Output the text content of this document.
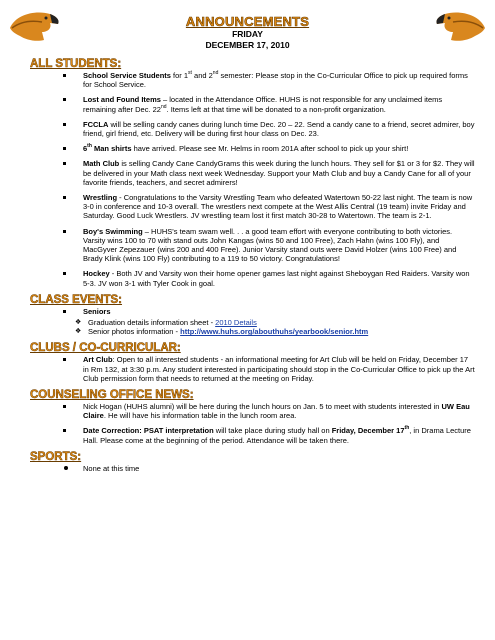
ANNOUNCEMENTS
FRIDAY
DECEMBER 17, 2010
ALL STUDENTS:
School Service Students for 1st and 2nd semester: Please stop in the Co-Curricular Office to pick up required forms for School Service.
Lost and Found Items – located in the Attendance Office. HUHS is not responsible for any unclaimed items remaining after Dec. 22nd. Items left at that time will be donated to a non-profit organization.
FCCLA will be selling candy canes during lunch time Dec. 20 – 22. Send a candy cane to a friend, secret admirer, boy friend, girl friend, etc. Delivery will be during first hour class on Dec. 23.
6th Man shirts have arrived. Please see Mr. Helms in room 201A after school to pick up your shirt!
Math Club is selling Candy Cane CandyGrams this week during the lunch hours. They sell for $1 or 3 for $2. They will be delivered in your Math class next week Wednesday. Support your Math Club and buy a Candy Cane for all of your favorite friends, teachers, and secret admirers!
Wrestling - Congratulations to the Varsity Wrestling Team who defeated Watertown 50-22 last night. The team is now 3-0 in conference and 10-3 overall. The wrestlers next compete at the West Allis Central (19 team) invite Friday and Saturday. Good Luck Wrestlers. JV wrestling team lost it first match 30-28 to Watertown. The team is 2-1.
Boy's Swimming – HUHS's team swam well. . . a good team effort with everyone contributing to both victories. Varsity wins 100 to 70 with stand outs John Kangas (wins 50 and 100 Free), Zach Hahn (wins 100 Fly), and MacGyver Zepezauer (wins 200 and 400 Free). Junior Varsity stand outs were David Holzer (wins 100 Free) and Brady Klink (wins 100 Fly) contributing to a 119 to 50 victory. Congratulations!
Hockey - Both JV and Varsity won their home opener games last night against Sheboygan Red Raiders. Varsity won 5-3. JV won 3-1 with Tyler Cook in goal.
CLASS EVENTS:
Seniors
❖ Graduation details information sheet - 2010 Details
❖ Senior photos information - http://www.huhs.org/abouthuhs/yearbook/senior.htm
CLUBS / CO-CURRICULAR:
Art Club: Open to all interested students - an informational meeting for Art Club will be held on Friday, December 17 in Rm 132, at 3:30 p.m. Any student interested in participating should stop in the Co-Curricular Office to pick up the Art Club permission form that needs to returned at the meeting on Friday.
COUNSELING OFFICE NEWS:
Nick Hogan (HUHS alumni) will be here during the lunch hours on Jan. 5 to meet with students interested in UW Eau Claire. He will have his information table in the lunch room area.
Date Correction: PSAT interpretation will take place during study hall on Friday, December 17th, in Drama Lecture Hall. Please come at the beginning of the period. Attendance will be taken there.
SPORTS:
None at this time
